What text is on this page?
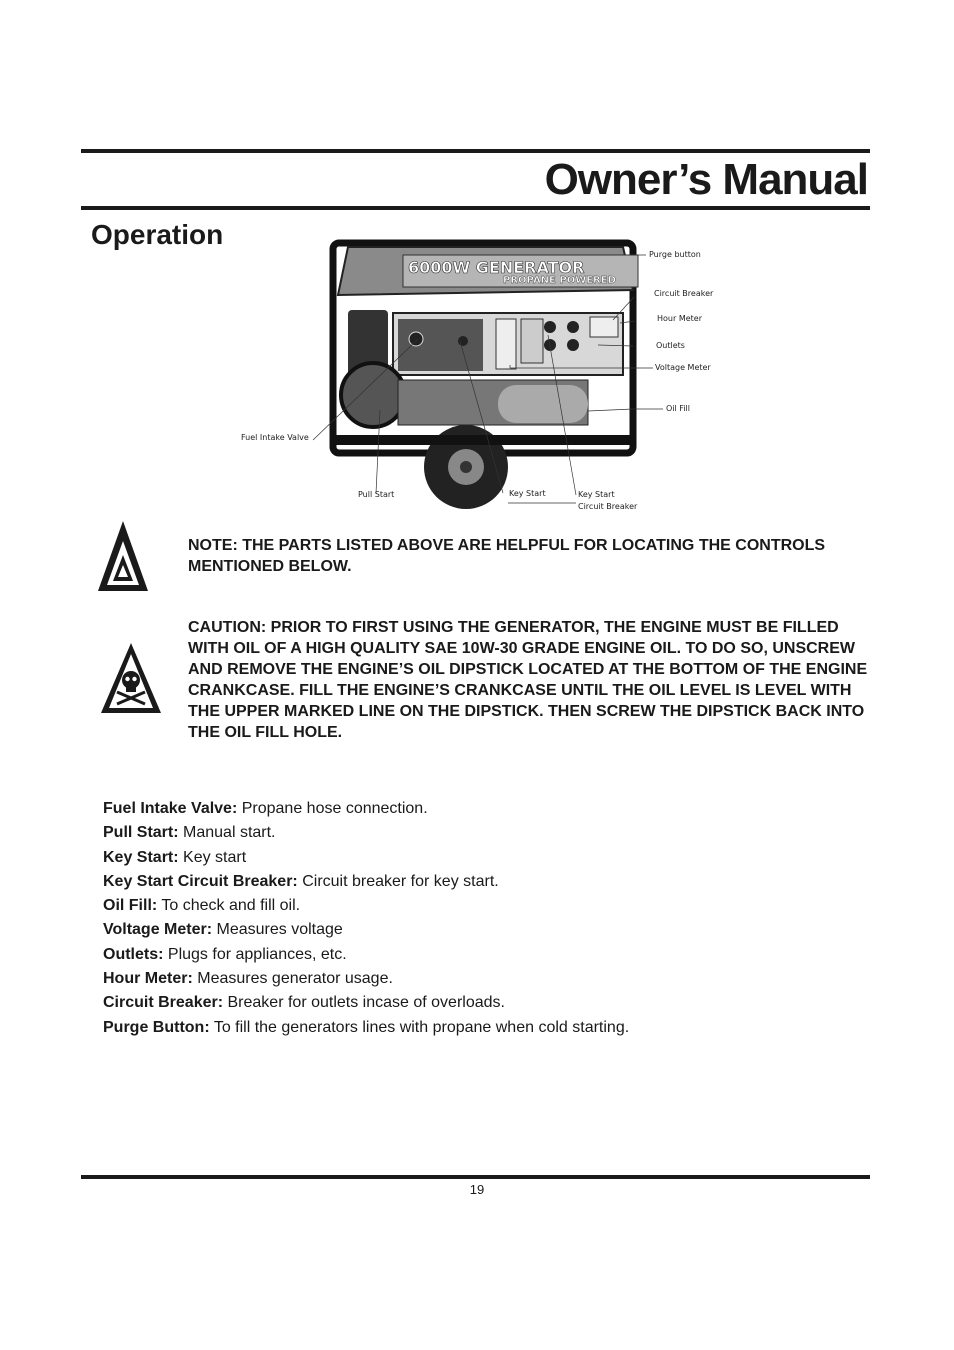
Owner’s Manual
Operation
6000W GENERATOR
PROPANE POWERED
Purge button
Circuit Breaker
Hour Meter
Outlets
Voltage Meter
Oil Fill
Fuel Intake Valve
Pull Start	Key Start	Key Start
Circuit Breaker

NOTE: THE PARTS LISTED ABOVE ARE HELPFUL FOR LOCATING THE CONTROLS MENTIONED BELOW.

CAUTION: PRIOR TO FIRST USING THE GENERATOR, THE ENGINE MUST BE FILLED WITH OIL OF A HIGH QUALITY SAE 10W-30 GRADE ENGINE OIL. TO DO SO, UNSCREW AND REMOVE THE ENGINE’S OIL DIPSTICK LOCATED AT THE BOTTOM OF THE ENGINE CRANKCASE. FILL THE ENGINE’S CRANKCASE UNTIL THE OIL LEVEL IS LEVEL WITH THE UPPER MARKED LINE ON THE DIPSTICK. THEN SCREW THE DIPSTICK BACK INTO THE OIL FILL HOLE.

Fuel Intake Valve: Propane hose connection.
Pull Start: Manual start.
Key Start: Key start
Key Start Circuit Breaker: Circuit breaker for key start.
Oil Fill: To check and fill oil.
Voltage Meter: Measures voltage
Outlets: Plugs for appliances, etc.
Hour Meter: Measures generator usage.
Circuit Breaker: Breaker for outlets incase of overloads.
Purge Button: To fill the generators lines with propane when cold starting.
19
